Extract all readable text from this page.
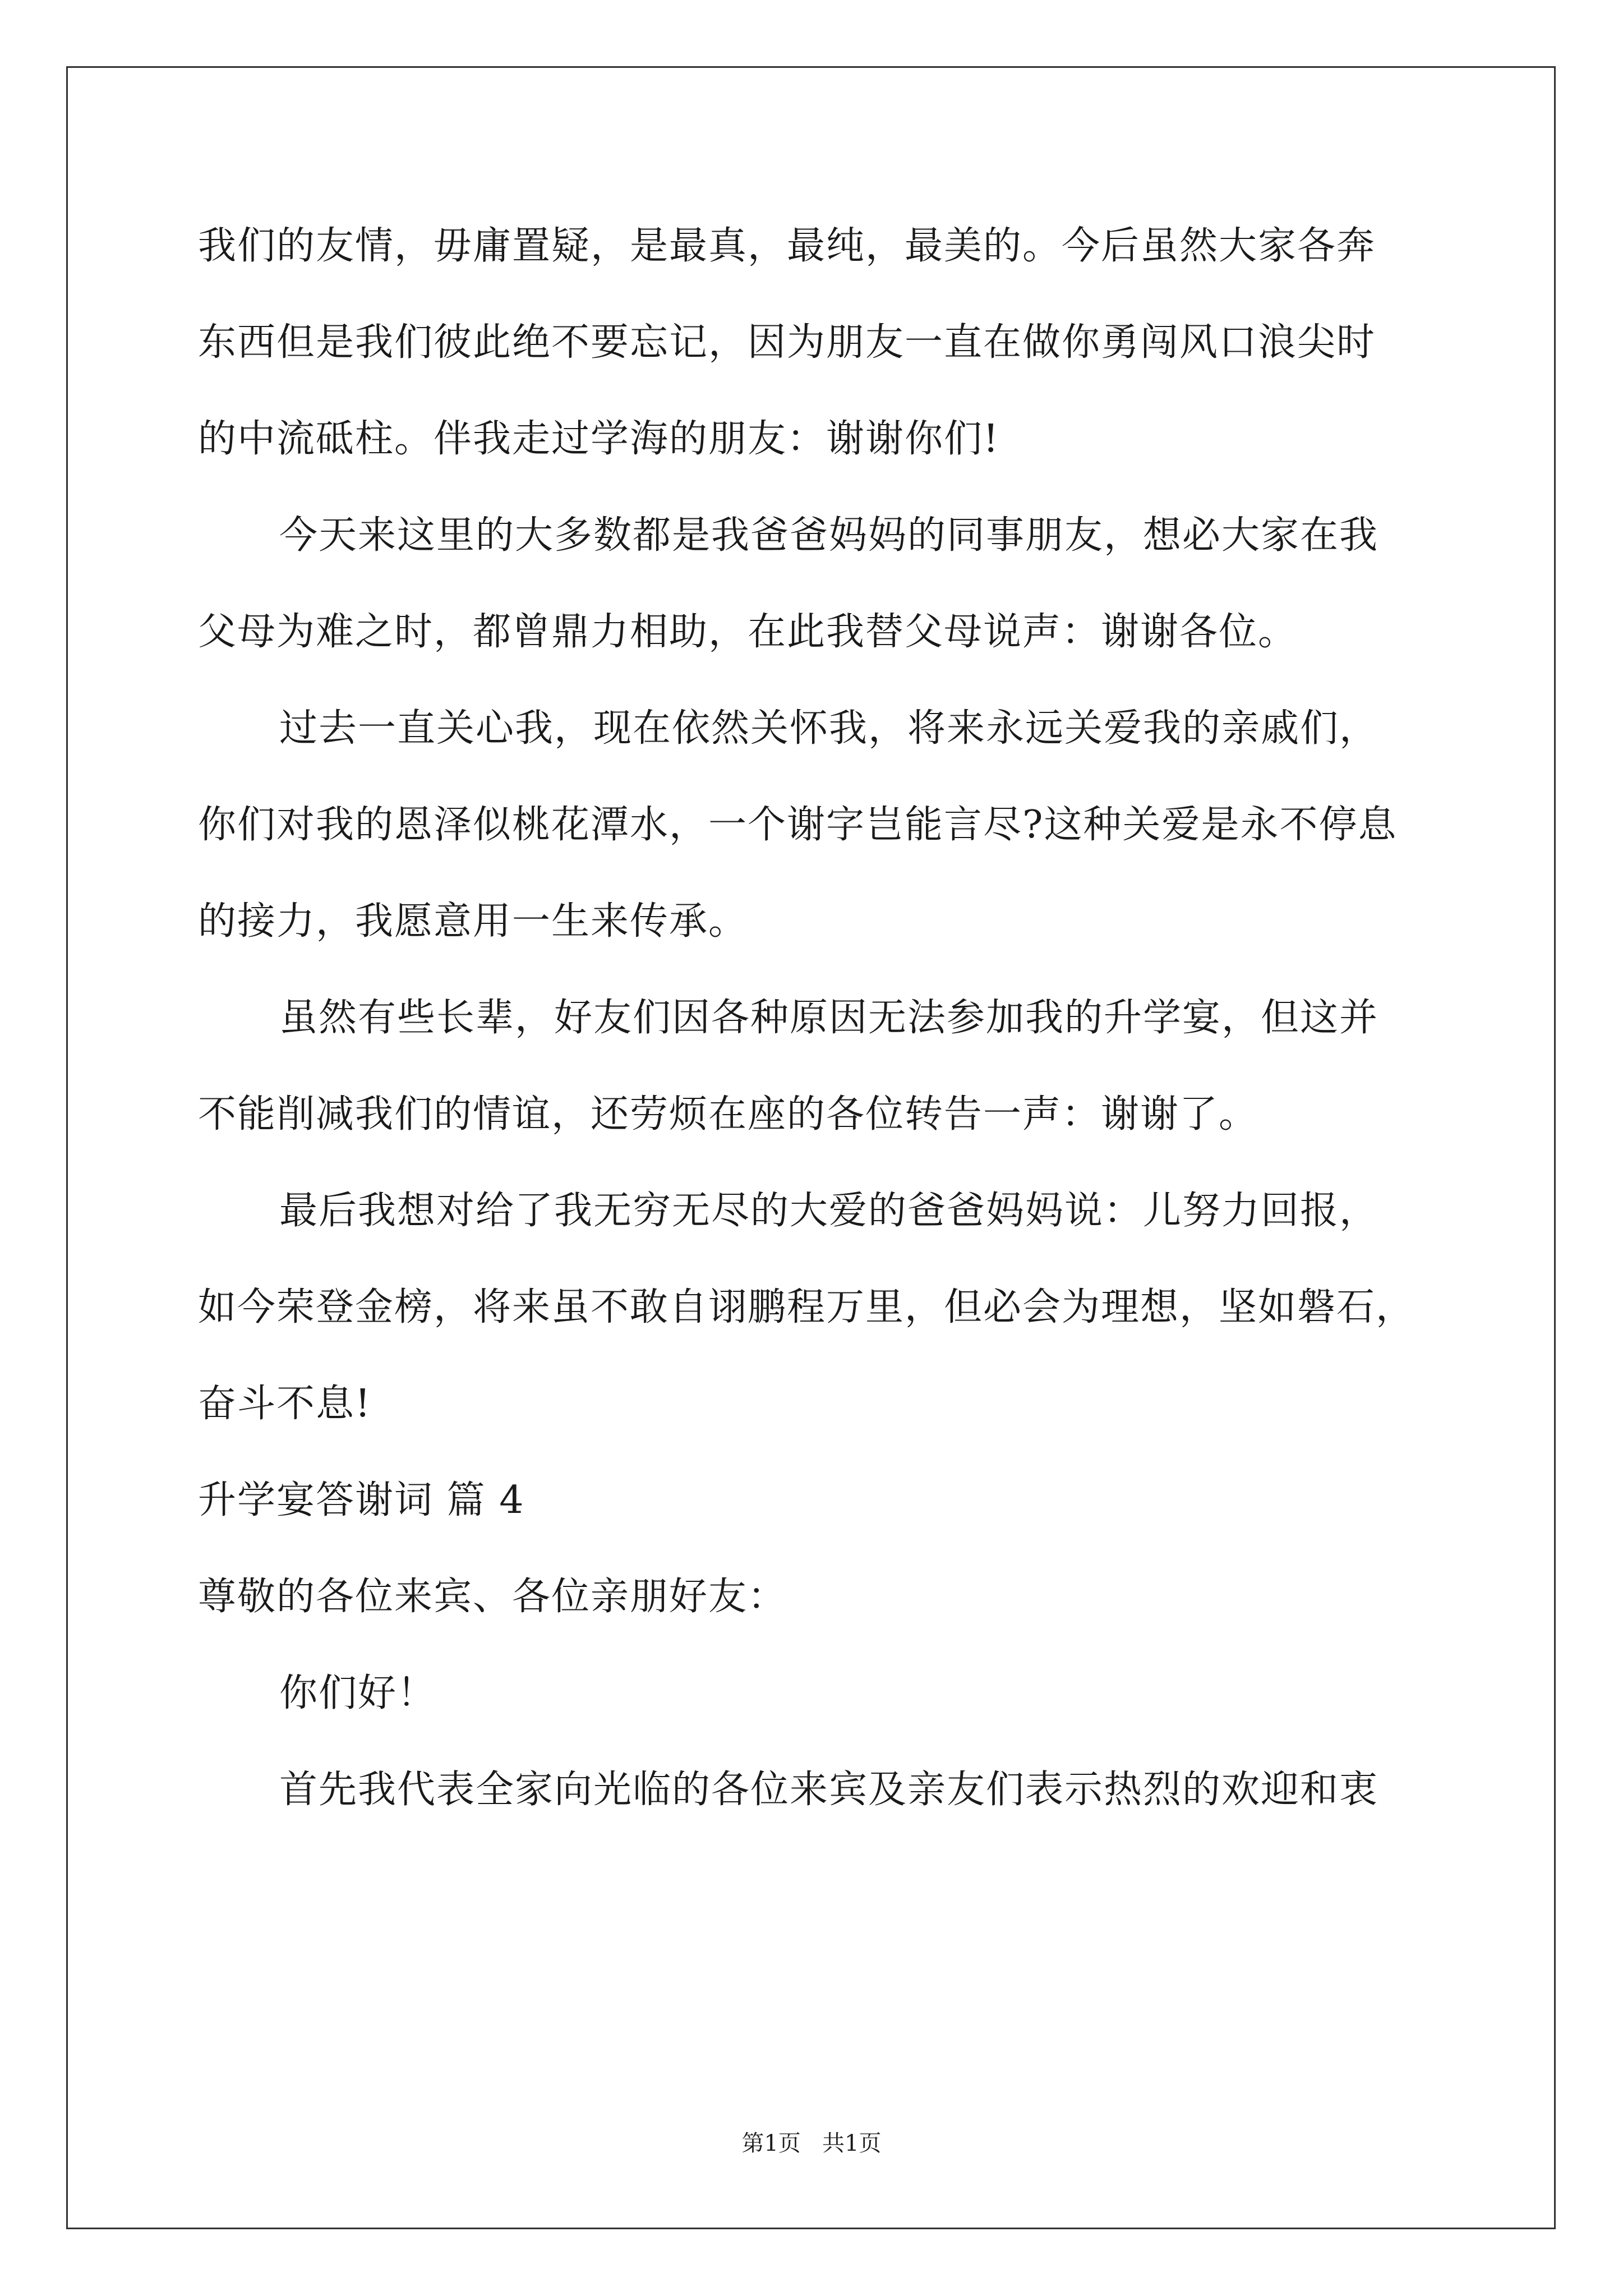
我们的友情，毋庸置疑，是最真，最纯，最美的。今后虽然大家各奔
东西但是我们彼此绝不要忘记，因为朋友一直在做你勇闯风口浪尖时
的中流砥柱。伴我走过学海的朋友：谢谢你们!
今天来这里的大多数都是我爸爸妈妈的同事朋友，想必大家在我
父母为难之时，都曾鼎力相助，在此我替父母说声：谢谢各位。
过去一直关心我，现在依然关怀我，将来永远关爱我的亲戚们，
你们对我的恩泽似桃花潭水，一个谢字岂能言尽?这种关爱是永不停息
的接力，我愿意用一生来传承。
虽然有些长辈，好友们因各种原因无法参加我的升学宴，但这并
不能削减我们的情谊，还劳烦在座的各位转告一声：谢谢了。
最后我想对给了我无穷无尽的大爱的爸爸妈妈说：儿努力回报，
如今荣登金榜，将来虽不敢自诩鹏程万里，但必会为理想，坚如磐石，
奋斗不息!
升学宴答谢词 篇 4
尊敬的各位来宾、各位亲朋好友：
你们好！
首先我代表全家向光临的各位来宾及亲友们表示热烈的欢迎和衷
第1页   共1页
